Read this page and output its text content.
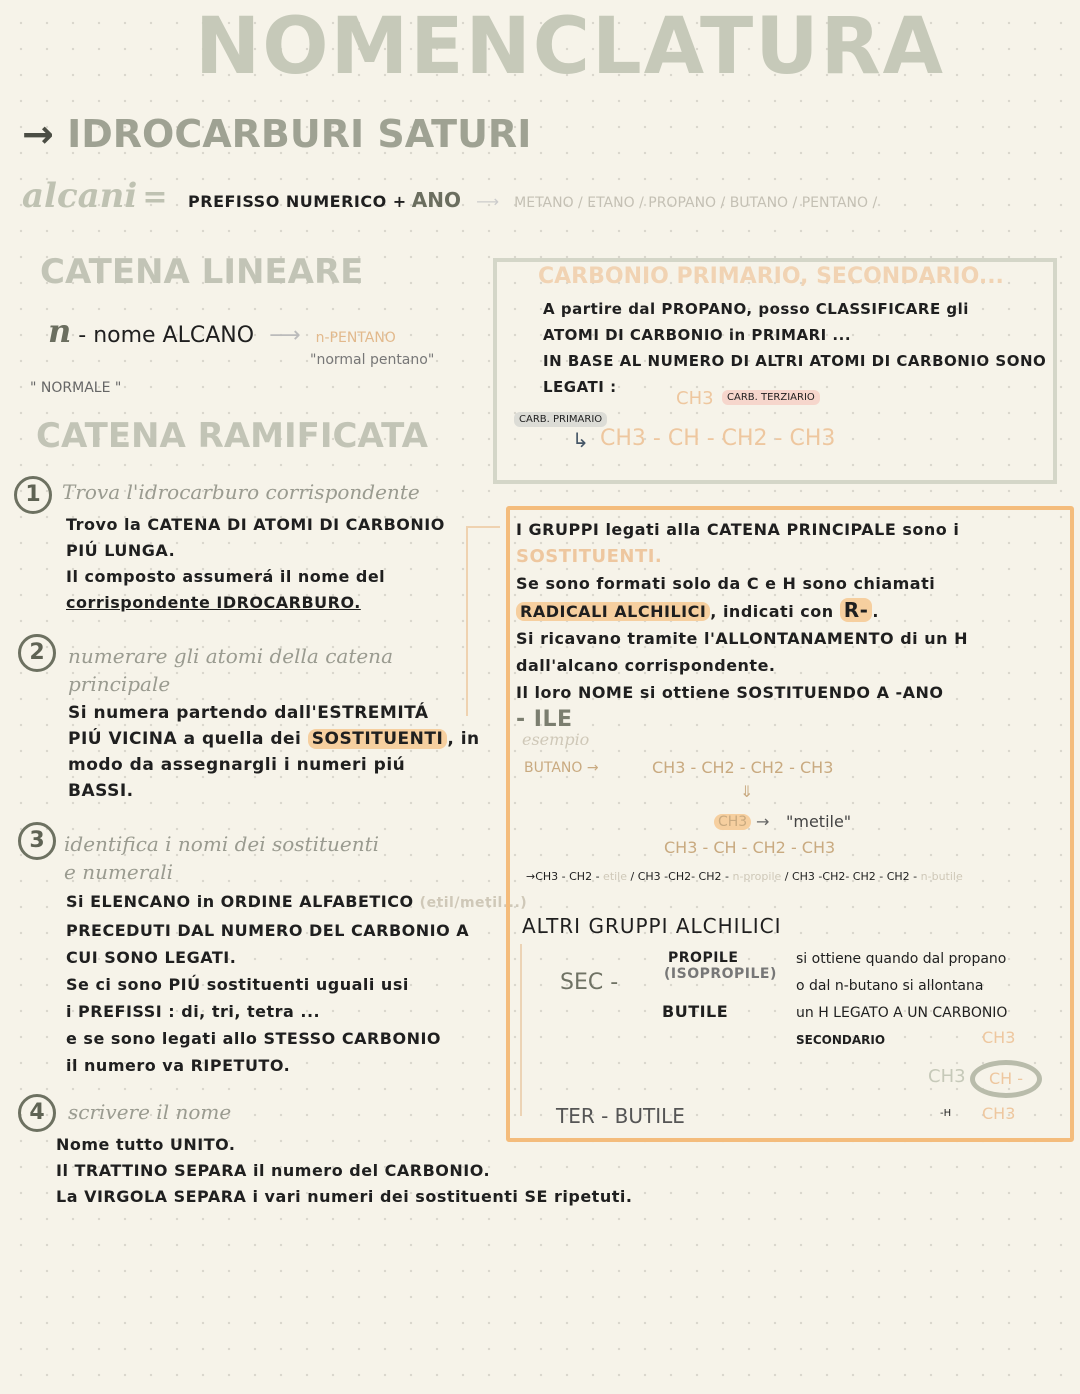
NOMENCLATURA
→ IDROCARBURI SATURI
alcani = PREFISSO NUMERICO + ANO ⟶ METANO / ETANO / PROPANO / BUTANO / PENTANO /
CATENA LINEARE
n - nome ALCANO ⟶ n-PENTANO
"normal pentano"
" NORMALE "
CATENA RAMIFICATA
1	Trova l'idrocarburo corrispondente
Trovo la CATENA DI ATOMI DI CARBONIO
PIÚ LUNGA.
Il composto assumerá il nome del
corrispondente IDROCARBURO.
2	numerare gli atomi della catena
principale
Si numera partendo dall'ESTREMITÁ
PIÚ VICINA a quella dei SOSTITUENTI , in
modo da assegnargli i numeri piú
BASSI.
3 identifica i nomi dei sostituenti
e numerali
Si ELENCANO in ORDINE ALFABETICO (etil/metil...)
PRECEDUTI DAL NUMERO DEL CARBONIO A
CUI SONO LEGATI.
Se ci sono PIÚ sostituenti uguali usi
i PREFISSI : di, tri, tetra ...
e se sono legati allo STESSO CARBONIO
il numero va RIPETUTO.
4	scrivere il nome
Nome tutto UNITO.
Il TRATTINO SEPARA il numero del CARBONIO.
La VIRGOLA SEPARA i vari numeri dei sostituenti SE ripetuti.
CARBONIO PRIMARIO, SECONDARIO...
A partire dal PROPANO, posso CLASSIFICARE gli
ATOMI DI CARBONIO in PRIMARI ...
IN BASE AL NUMERO DI ALTRI ATOMI DI CARBONIO SONO
LEGATI :
CARB. PRIMARIO
CARB. TERZIARIO
CH3
CH3 - CH - CH2 - CH3
↳
I GRUPPI legati alla CATENA PRINCIPALE sono i
SOSTITUENTI.
Se sono formati solo da C e H sono chiamati
RADICALI ALCHILICI , indicati con R- .
Si ricavano tramite l'ALLONTANAMENTO di un H
dall'alcano corrispondente.
Il loro NOME si ottiene SOSTITUENDO A -ANO
- ILE
esempio
BUTANO →	CH3 - CH2 - CH2 - CH3
⇓
CH3 → "metile"
CH3 - CH - CH2 - CH3
→CH3 - CH2 - etile / CH3 -CH2- CH2 - n-propile / CH3 -CH2- CH2 - CH2 - n-butile
ALTRI GRUPPI ALCHILICI
SEC -
PROPILE
(ISOPROPILE)
BUTILE
si ottiene quando dal propano
o dal n-butano si allontana
un H LEGATO A UN CARBONIO
SECONDARIO	CH3
CH3	CH -
-H CH3
TER - BUTILE
